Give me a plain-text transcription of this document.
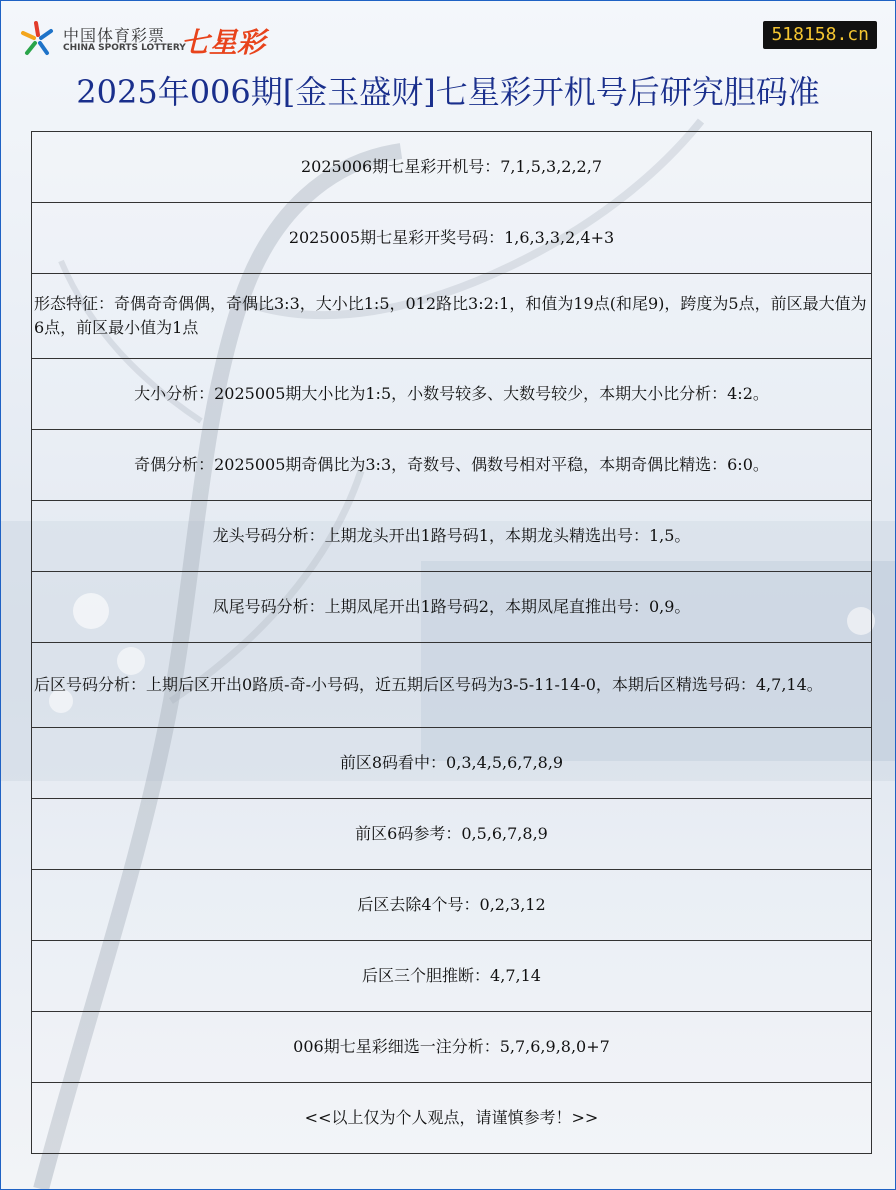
中国体育彩票
CHINA SPORTS LOTTERY
七星彩	518158.cn
2025年006期[金玉盛财]七星彩开机号后研究胆码准
2025006期七星彩开机号：7,1,5,3,2,2,7
2025005期七星彩开奖号码：1,6,3,3,2,4+3
形态特征：奇偶奇奇偶偶，奇偶比3:3，大小比1:5，012路比3:2:1，和值为19点(和尾9)，跨度为5点，前区最大值为6点，前区最小值为1点
大小分析：2025005期大小比为1:5，小数号较多、大数号较少，本期大小比分析：4:2。
奇偶分析：2025005期奇偶比为3:3，奇数号、偶数号相对平稳，本期奇偶比精选：6:0。
龙头号码分析：上期龙头开出1路号码1，本期龙头精选出号：1,5。
凤尾号码分析：上期凤尾开出1路号码2，本期凤尾直推出号：0,9。
后区号码分析：上期后区开出0路质-奇-小号码，近五期后区号码为3-5-11-14-0，本期后区精选号码：4,7,14。
前区8码看中：0,3,4,5,6,7,8,9
前区6码参考：0,5,6,7,8,9
后区去除4个号：0,2,3,12
后区三个胆推断：4,7,14
006期七星彩细选一注分析：5,7,6,9,8,0+7
<<以上仅为个人观点，请谨慎参考！>>
